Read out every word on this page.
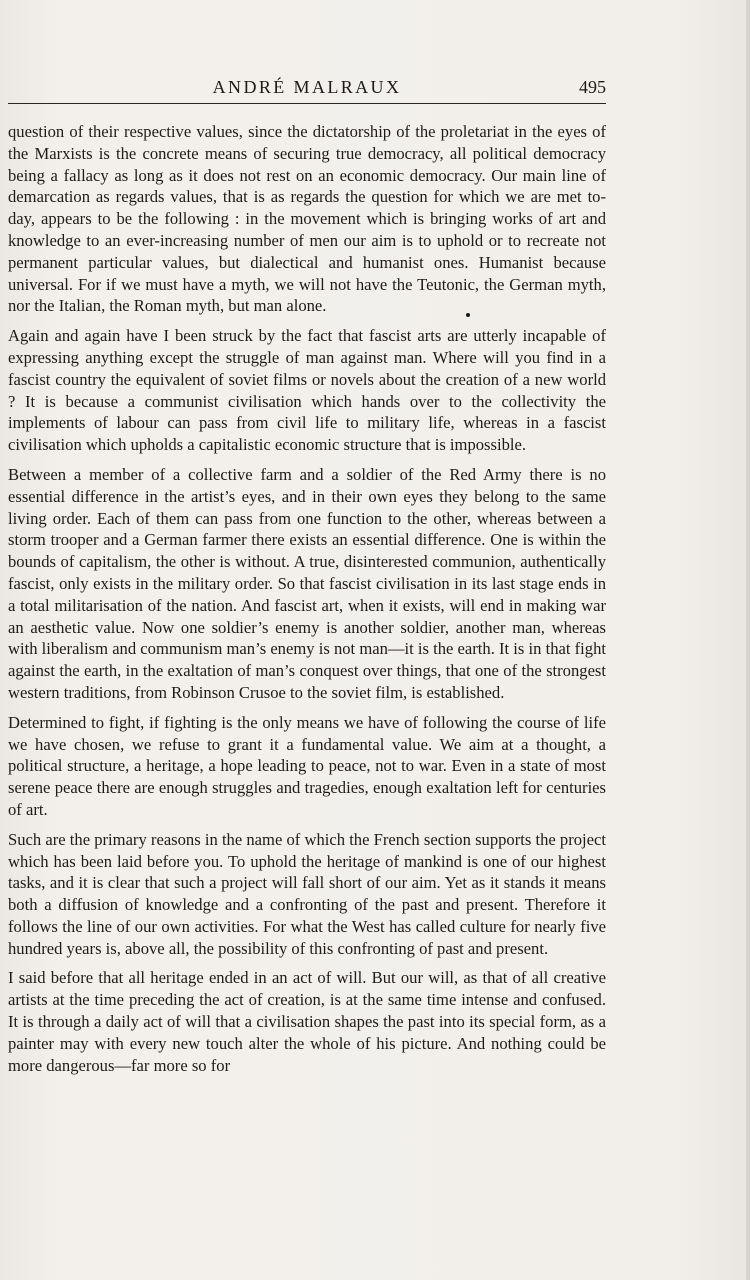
ANDRÉ MALRAUX	495

question of their respective values, since the dictatorship of the proletariat in the eyes of the Marxists is the concrete means of securing true democracy, all political democracy being a fallacy as long as it does not rest on an economic democracy. Our main line of demarcation as regards values, that is as regards the question for which we are met to-day, appears to be the following : in the movement which is bringing works of art and knowledge to an ever-increasing number of men our aim is to uphold or to recreate not permanent particular values, but dialectical and humanist ones. Humanist because universal. For if we must have a myth, we will not have the Teutonic, the German myth, nor the Italian, the Roman myth, but man alone.

Again and again have I been struck by the fact that fascist arts are utterly incapable of expressing anything except the struggle of man against man. Where will you find in a fascist country the equivalent of soviet films or novels about the creation of a new world ? It is because a communist civilisation which hands over to the collectivity the implements of labour can pass from civil life to military life, whereas in a fascist civilisation which upholds a capitalistic economic structure that is impossible.

Between a member of a collective farm and a soldier of the Red Army there is no essential difference in the artist’s eyes, and in their own eyes they belong to the same living order. Each of them can pass from one function to the other, whereas between a storm trooper and a German farmer there exists an essential difference. One is within the bounds of capitalism, the other is without. A true, disinterested communion, authentically fascist, only exists in the military order. So that fascist civilisation in its last stage ends in a total militarisation of the nation. And fascist art, when it exists, will end in making war an aesthetic value. Now one soldier’s enemy is another soldier, another man, whereas with liberalism and communism man’s enemy is not man—it is the earth. It is in that fight against the earth, in the exaltation of man’s conquest over things, that one of the strongest western traditions, from Robinson Crusoe to the soviet film, is established.

Determined to fight, if fighting is the only means we have of following the course of life we have chosen, we refuse to grant it a fundamental value. We aim at a thought, a political structure, a heritage, a hope leading to peace, not to war. Even in a state of most serene peace there are enough struggles and tragedies, enough exaltation left for centuries of art.

Such are the primary reasons in the name of which the French section supports the project which has been laid before you. To uphold the heritage of mankind is one of our highest tasks, and it is clear that such a project will fall short of our aim. Yet as it stands it means both a diffusion of knowledge and a confronting of the past and present. Therefore it follows the line of our own activities. For what the West has called culture for nearly five hundred years is, above all, the possibility of this confronting of past and present.

I said before that all heritage ended in an act of will. But our will, as that of all creative artists at the time preceding the act of creation, is at the same time intense and confused. It is through a daily act of will that a civilisation shapes the past into its special form, as a painter may with every new touch alter the whole of his picture. And nothing could be more dangerous—far more so for
